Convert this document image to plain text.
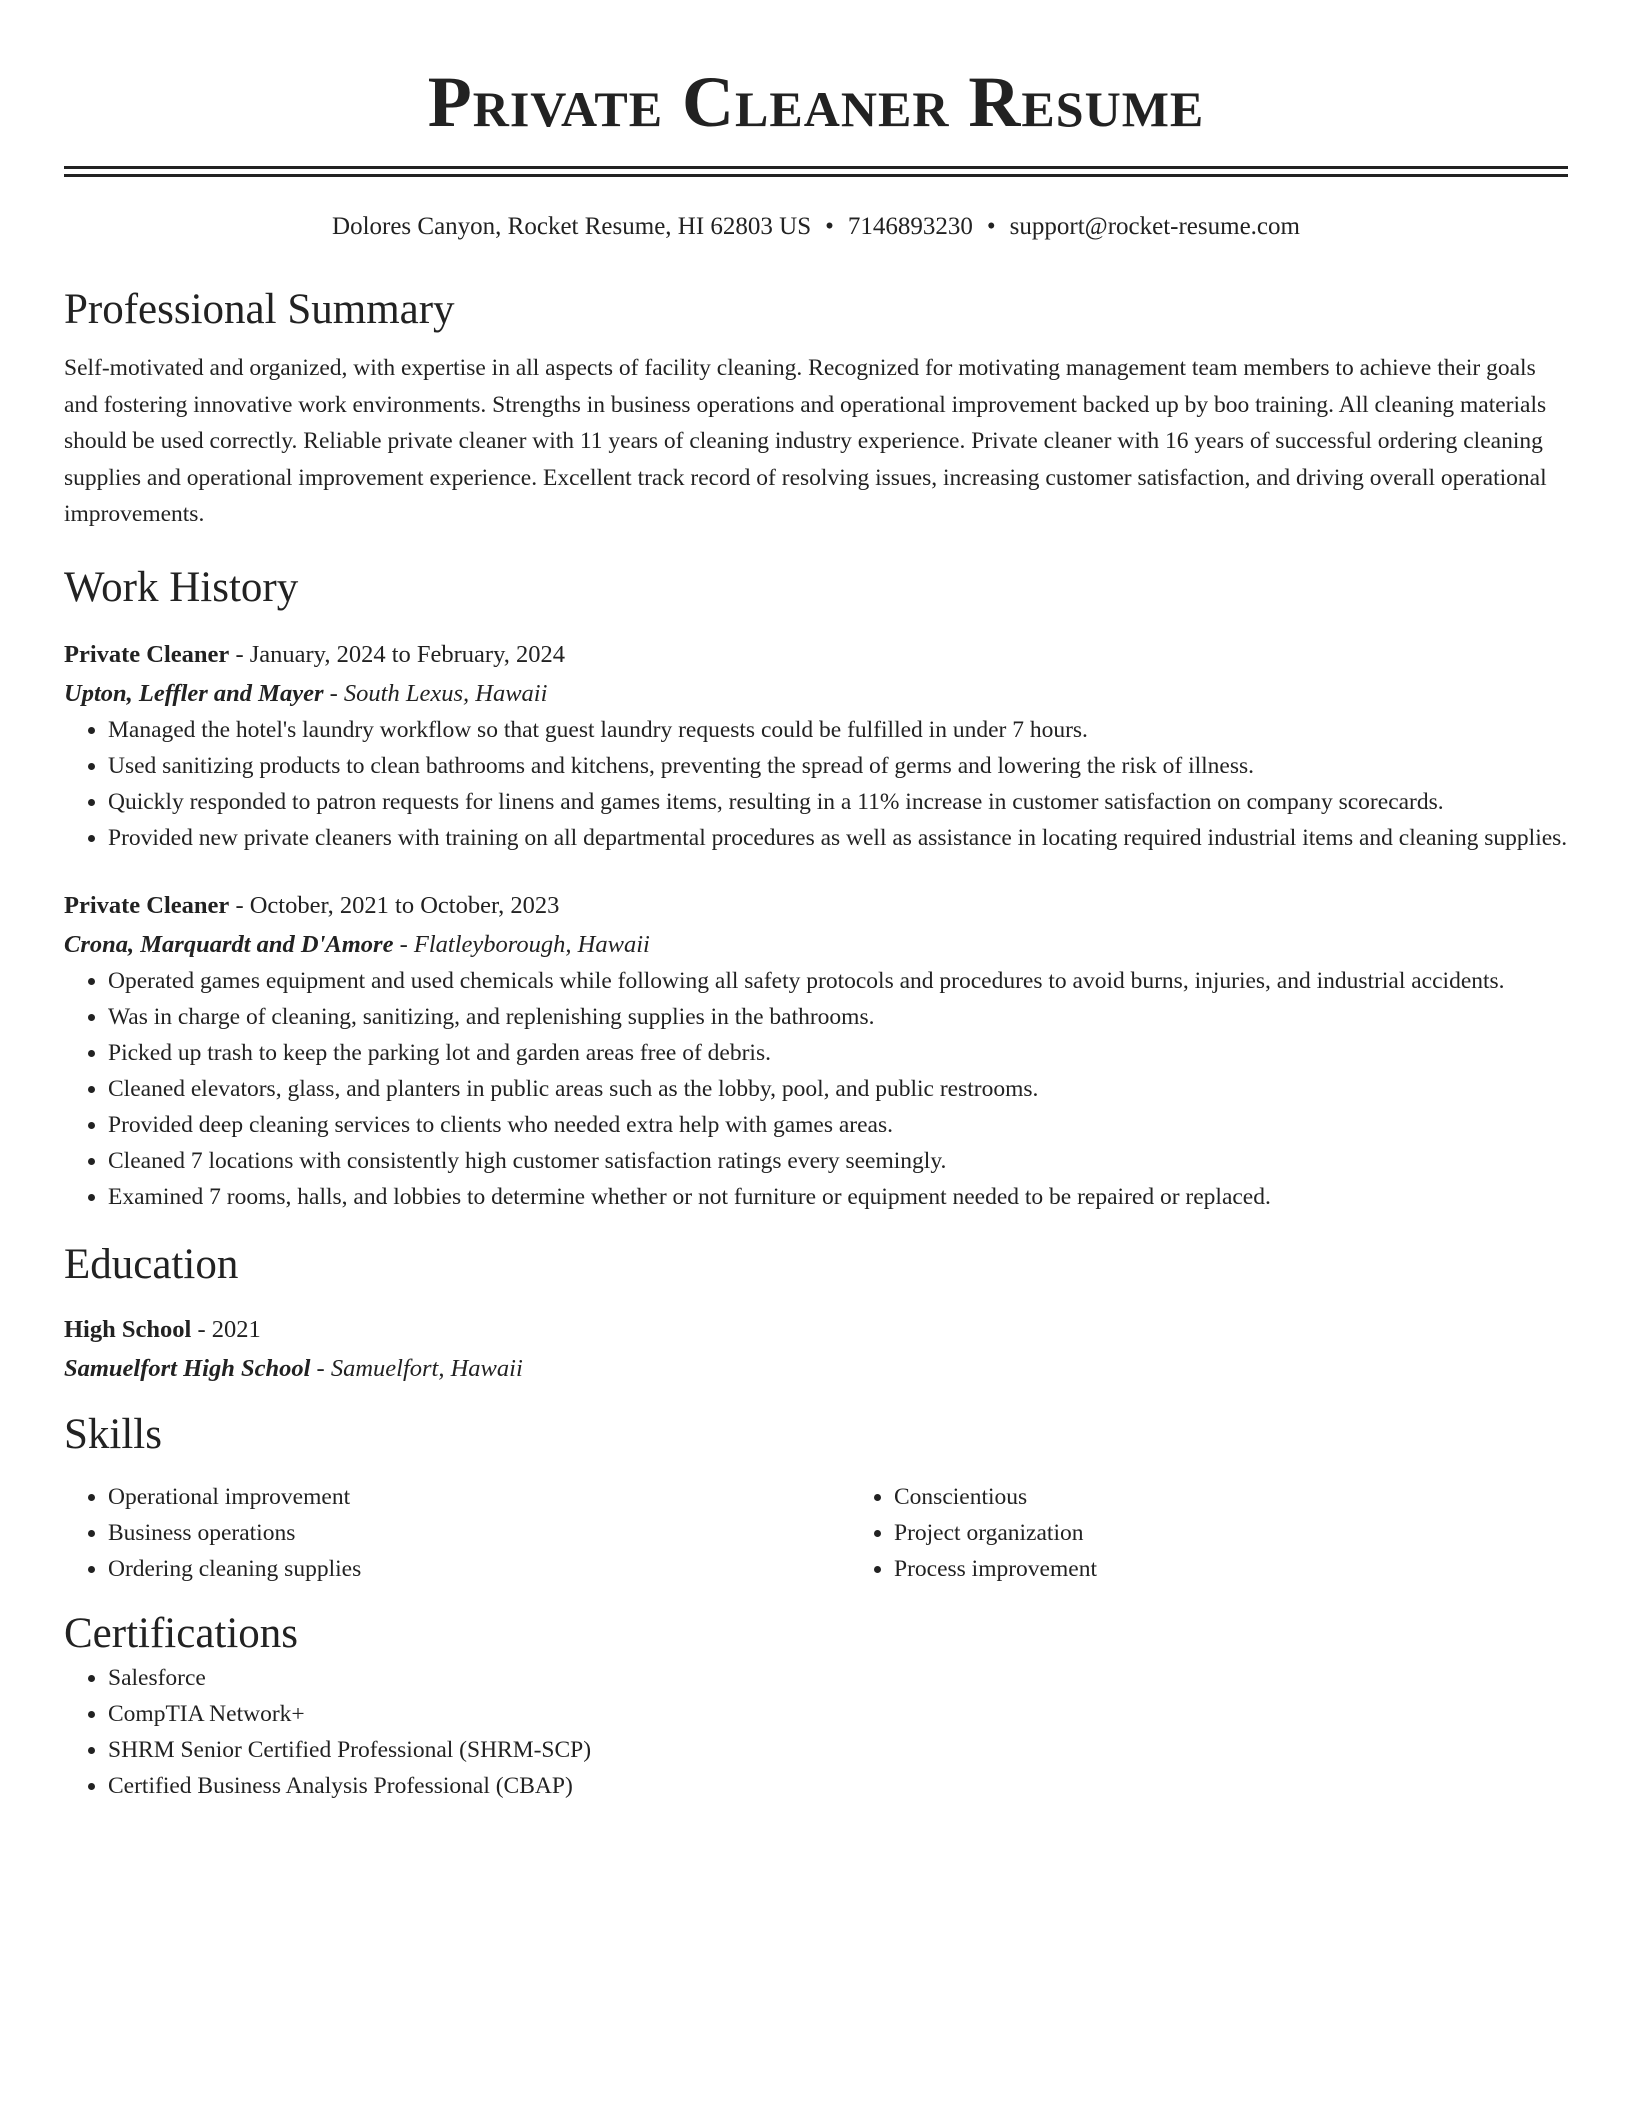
Private Cleaner Resume
Dolores Canyon, Rocket Resume, HI 62803 US • 7146893230 • support@rocket-resume.com
Professional Summary

Self-motivated and organized, with expertise in all aspects of facility cleaning. Recognized for motivating management team members to achieve their goals and fostering innovative work environments. Strengths in business operations and operational improvement backed up by boo training. All cleaning materials should be used correctly. Reliable private cleaner with 11 years of cleaning industry experience. Private cleaner with 16 years of successful ordering cleaning supplies and operational improvement experience. Excellent track record of resolving issues, increasing customer satisfaction, and driving overall operational improvements.

Work History
Private Cleaner - January, 2024 to February, 2024
Upton, Leffler and Mayer - South Lexus, Hawaii
• Managed the hotel's laundry workflow so that guest laundry requests could be fulfilled in under 7 hours.
• Used sanitizing products to clean bathrooms and kitchens, preventing the spread of germs and lowering the risk of illness.
• Quickly responded to patron requests for linens and games items, resulting in a 11% increase in customer satisfaction on company scorecards.
• Provided new private cleaners with training on all departmental procedures as well as assistance in locating required industrial items and cleaning supplies.
Private Cleaner - October, 2021 to October, 2023
Crona, Marquardt and D'Amore - Flatleyborough, Hawaii
• Operated games equipment and used chemicals while following all safety protocols and procedures to avoid burns, injuries, and industrial accidents.
• Was in charge of cleaning, sanitizing, and replenishing supplies in the bathrooms.
• Picked up trash to keep the parking lot and garden areas free of debris.
• Cleaned elevators, glass, and planters in public areas such as the lobby, pool, and public restrooms.
• Provided deep cleaning services to clients who needed extra help with games areas.
• Cleaned 7 locations with consistently high customer satisfaction ratings every seemingly.
• Examined 7 rooms, halls, and lobbies to determine whether or not furniture or equipment needed to be repaired or replaced.
Education
High School - 2021
Samuelfort High School - Samuelfort, Hawaii
Skills
• Operational improvement
• Business operations
• Ordering cleaning supplies
• Conscientious
• Project organization
• Process improvement
Certifications
• Salesforce
• CompTIA Network+
• SHRM Senior Certified Professional (SHRM-SCP)
• Certified Business Analysis Professional (CBAP)
